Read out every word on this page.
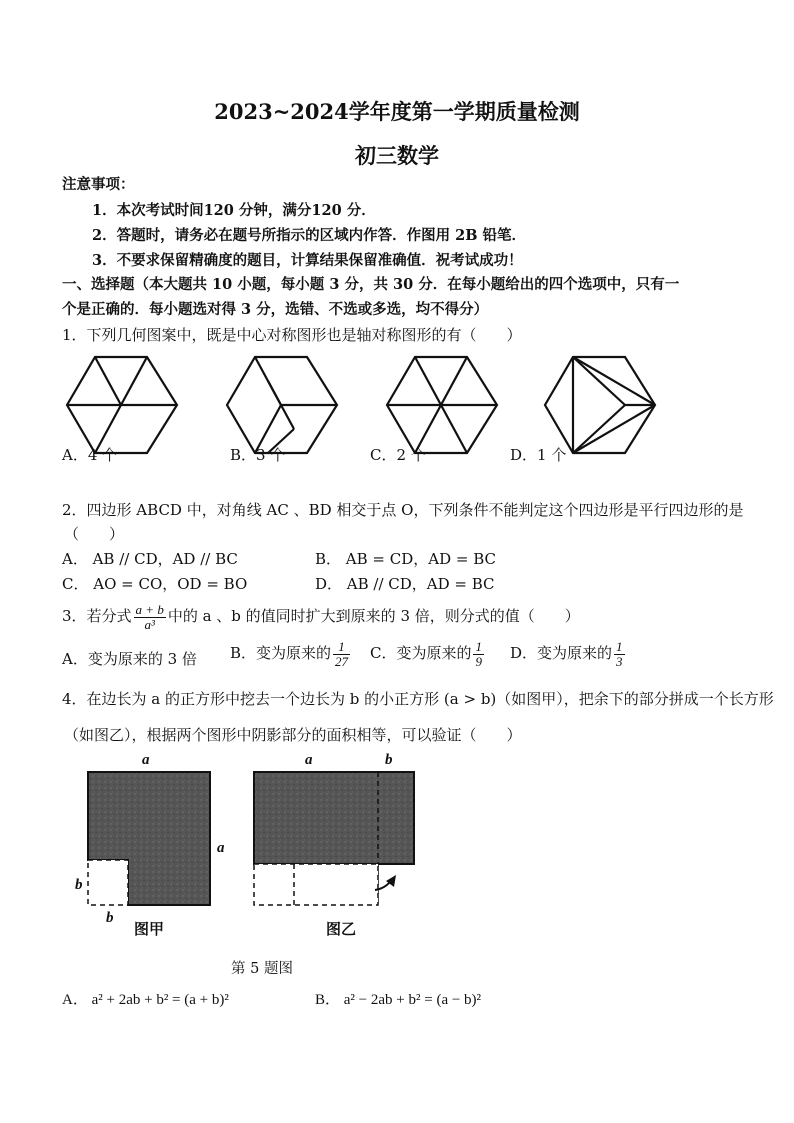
2023~2024学年度第一学期质量检测
初三数学
注意事项：
1．本次考试时间120 分钟，满分120 分．
2．答题时，请务必在题号所指示的区域内作答．作图用 2B 铅笔．
3．不要求保留精确度的题目，计算结果保留准确值．祝考试成功！
一、选择题（本大题共 10 小题，每小题 3 分，共 30 分．在每小题给出的四个选项中，只有一
个是正确的．每小题选对得 3 分，选错、不选或多选，均不得分）
1．下列几何图案中，既是中心对称图形也是轴对称图形的有（　　）
A．4 个	B．3 个	C．2 个	D．1 个
2．四边形 ABCD 中，对角线 AC 、BD 相交于点 O，下列条件不能判定这个四边形是平行四边形的是
（　　）
A． AB // CD，AD // BC	B． AB = CD，AD = BC
C． AO = CO，OD = BO	D． AB // CD，AD = BC
3．若分式 $\frac{a + b}{\text{a³}}$ 中的 a 、b 的值同时扩大到原来的 3 倍，则分式的值（　　）
A．变为原来的 3 倍 B．变为原来的 $\frac{1}{27}$ C．变为原来的 $\frac{1}{9}$ D．变为原来的 $\frac{1}{3}$
4．在边长为 a 的正方形中挖去一个边长为 b 的小正方形 (a > b)（如图甲），把余下的部分拼成一个长方形
（如图乙），根据两个图形中阴影部分的面积相等，可以验证（　　）
a
a
b
b
a	b
图甲	图乙
第 5 题图
A． a² + 2ab + b² = (a + b)²	B． a² − 2ab + b² = (a − b)²
